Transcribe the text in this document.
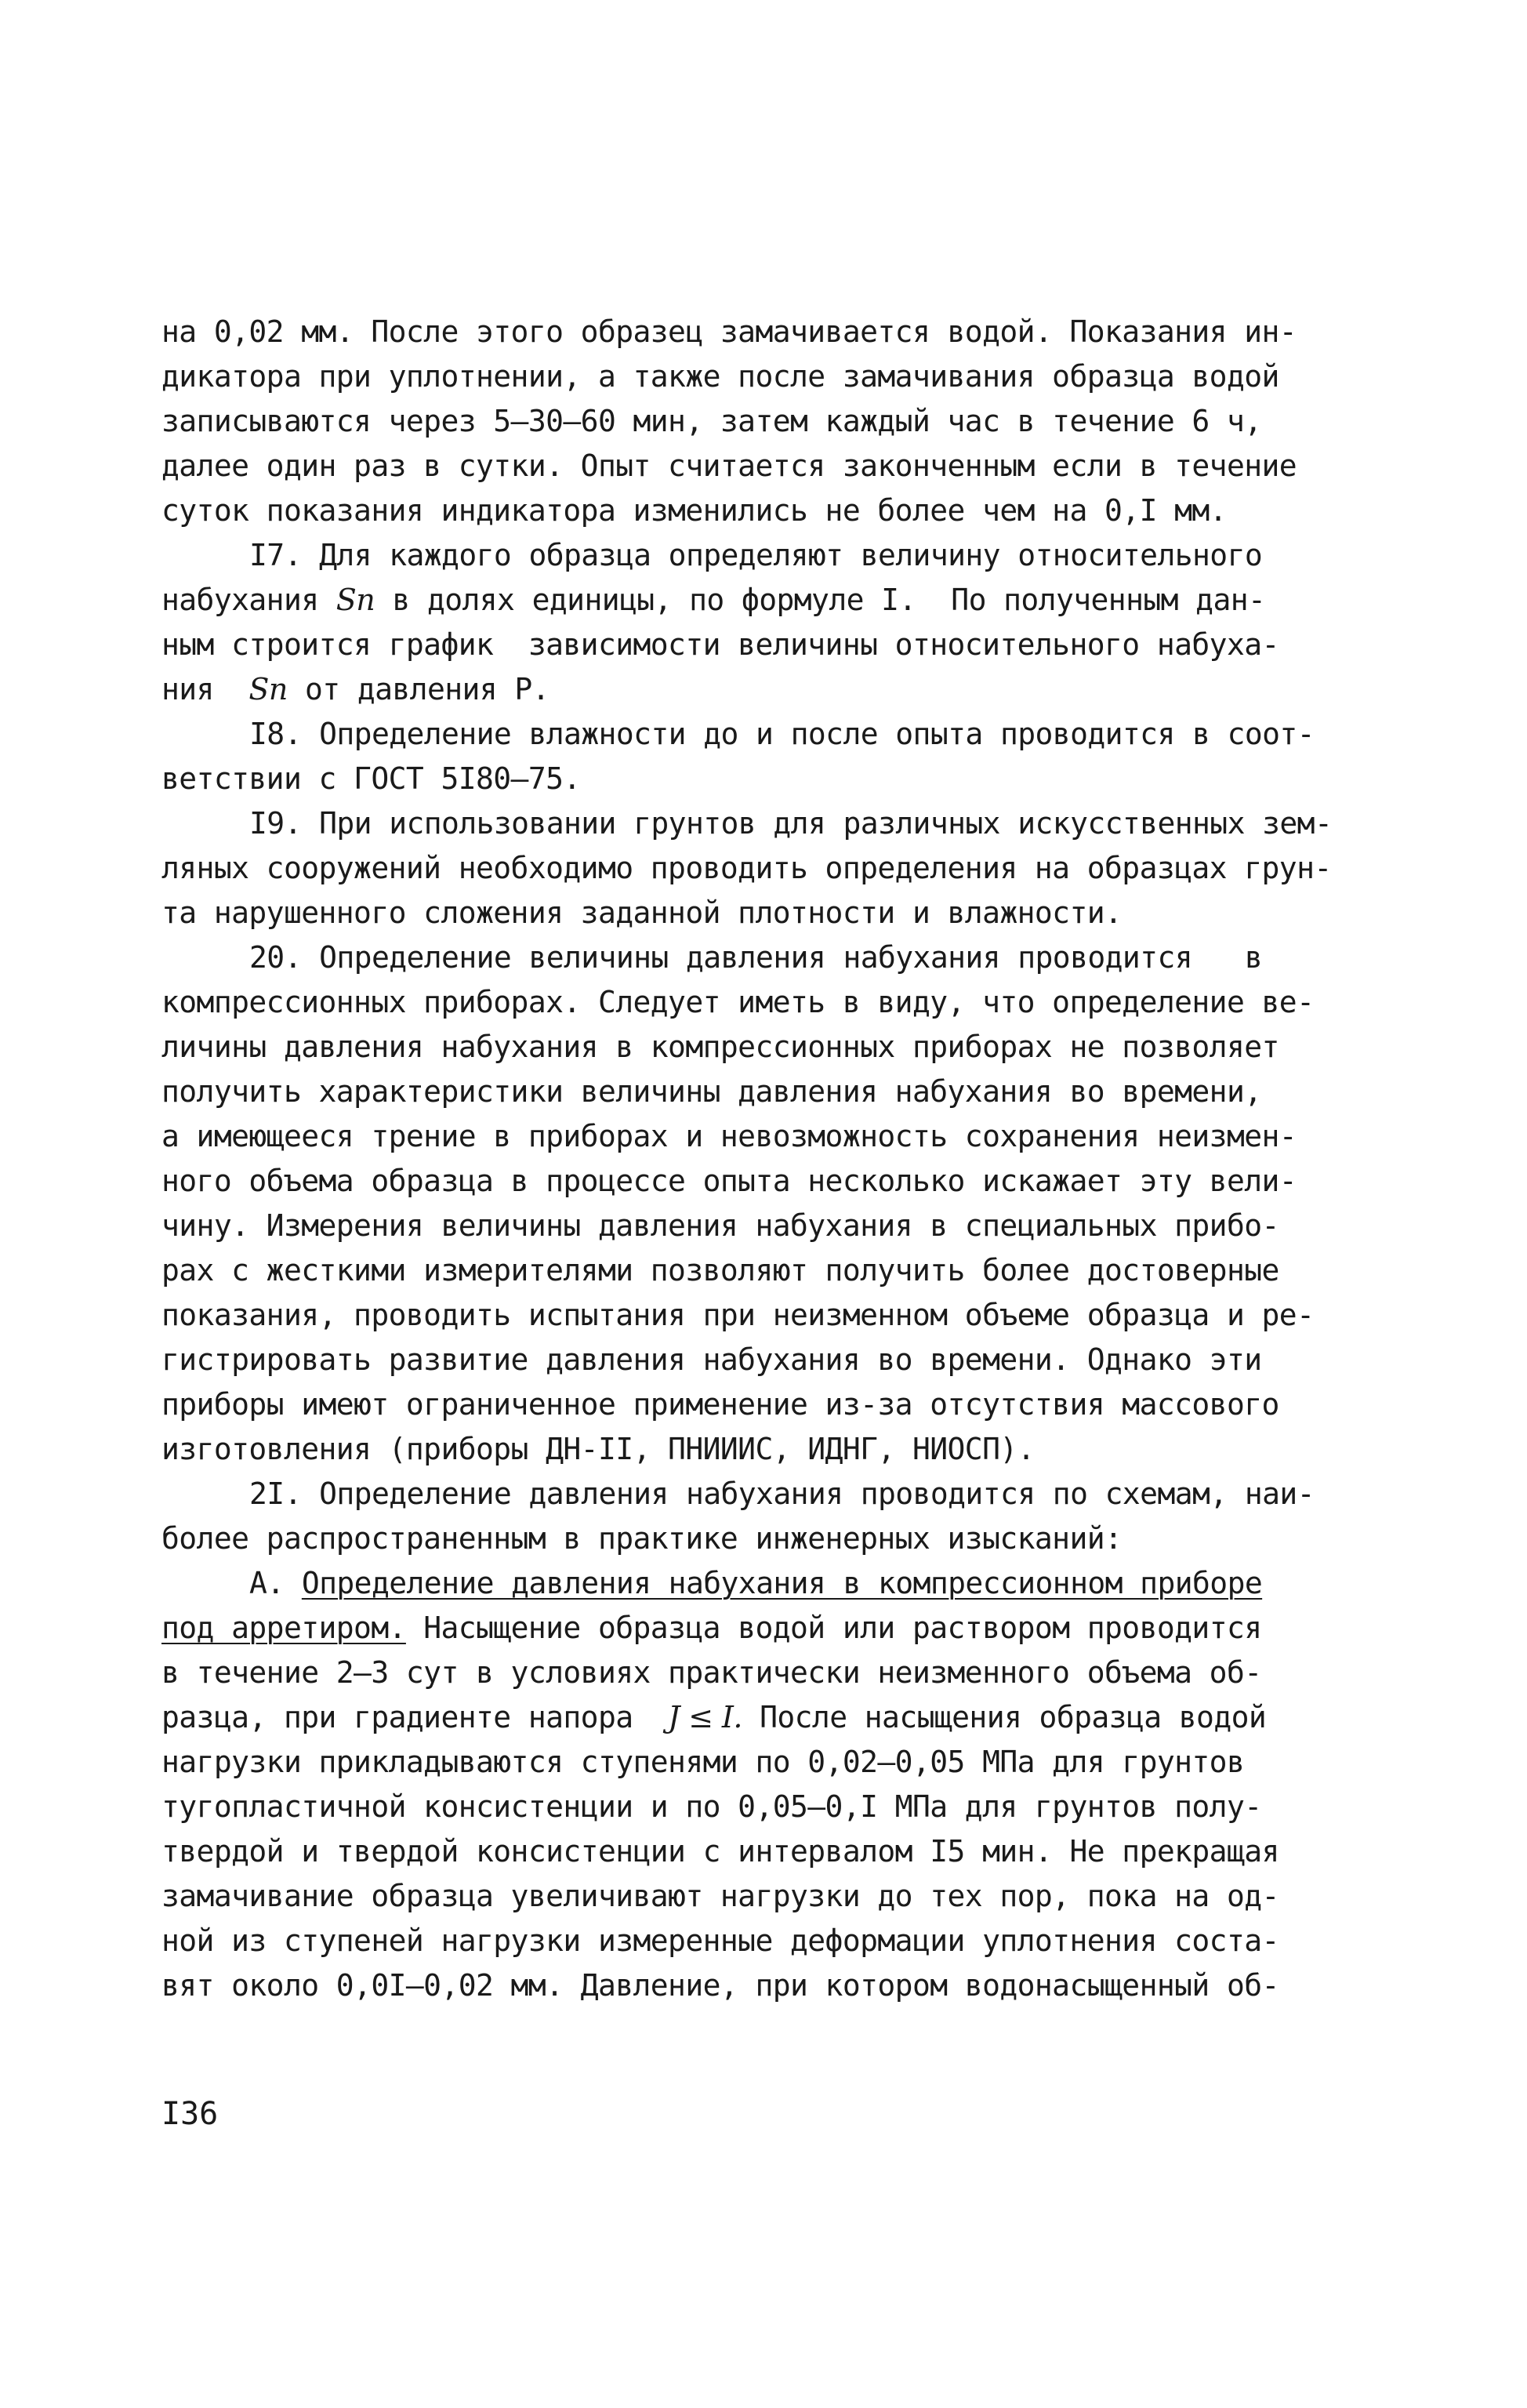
на 0,02 мм. После этого образец замачивается водой. Показания ин-

дикатора при уплотнении, а также после замачивания образца водой

записываются через 5–30–60 мин, затем каждый час в течение 6 ч,

далее один раз в сутки. Опыт считается законченным если в течение

суток показания индикатора изменились не более чем на 0,I мм.

I7. Для каждого образца определяют величину относительного

набухания Sп в долях единицы, по формуле I.  По полученным дан-

ным строится график  зависимости величины относительного набуха-

ния Sп от давления Р.

I8. Определение влажности до и после опыта проводится в соот-

ветствии с ГОСТ 5I80–75.

I9. При использовании грунтов для различных искусственных зем-

ляных сооружений необходимо проводить определения на образцах грун-

та нарушенного сложения заданной плотности и влажности.

20. Определение величины давления набухания проводится   в

компрессионных приборах. Следует иметь в виду, что определение ве-

личины давления набухания в компрессионных приборах не позволяет

получить характеристики величины давления набухания во времени,

а имеющееся трение в приборах и невозможность сохранения неизмен-

ного объема образца в процессе опыта несколько искажает эту вели-

чину. Измерения величины давления набухания в специальных прибо-

рах с жесткими измерителями позволяют получить более достоверные

показания, проводить испытания при неизменном объеме образца и ре-

гистрировать развитие давления набухания во времени. Однако эти

приборы имеют ограниченное применение из-за отсутствия массового

изготовления (приборы ДН-II, ПНИИИС, ИДНГ, НИОСП).

2I. Определение давления набухания проводится по схемам, наи-

более распространенным в практике инженерных изысканий:

А. Определение давления набухания в компрессионном приборе

под арретиром. Насыщение образца водой или раствором проводится

в течение 2–3 сут в условиях практически неизменного объема об-

разца, при градиенте напора J ≤ I. После насыщения образца водой

нагрузки прикладываются ступенями по 0,02–0,05 МПа для грунтов

тугопластичной консистенции и по 0,05–0,I МПа для грунтов полу-

твердой и твердой консистенции с интервалом I5 мин. Не прекращая

замачивание образца увеличивают нагрузки до тех пор, пока на од-

ной из ступеней нагрузки измеренные деформации уплотнения соста-

вят около 0,0I–0,02 мм. Давление, при котором водонасыщенный об-

I36
